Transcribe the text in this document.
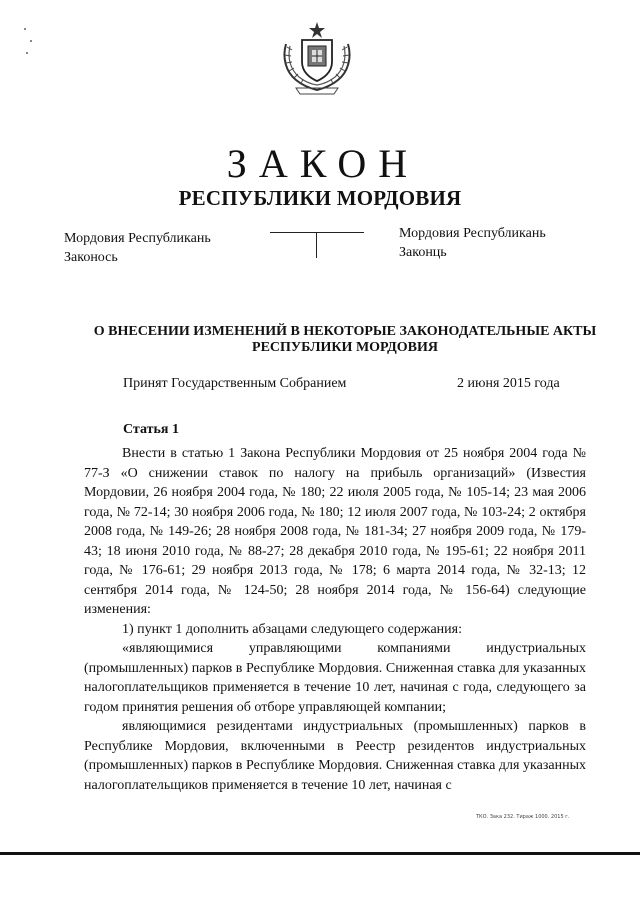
ЗАКОН
РЕСПУБЛИКИ МОРДОВИЯ
Мордовия Республикань
Законось
Мордовия Республикань
Законць
О ВНЕСЕНИИ ИЗМЕНЕНИЙ В НЕКОТОРЫЕ ЗАКОНОДАТЕЛЬНЫЕ АКТЫ
РЕСПУБЛИКИ МОРДОВИЯ
Принят Государственным Собранием	2 июня 2015 года
Статья 1

Внести в статью 1 Закона Республики Мордовия от 25 ноября 2004 года № 77-З «О снижении ставок по налогу на прибыль организаций» (Известия Мордовии, 26 ноября 2004 года, № 180; 22 июля 2005 года, № 105-14; 23 мая 2006 года, № 72-14; 30 ноября 2006 года, № 180; 12 июля 2007 года, № 103-24; 2 октября 2008 года, № 149-26; 28 ноября 2008 года, № 181-34; 27 ноября 2009 года, № 179-43; 18 июня 2010 года, № 88-27; 28 декабря 2010 года, № 195-61; 22 ноября 2011 года, № 176-61; 29 ноября 2013 года, № 178; 6 марта 2014 года, № 32-13; 12 сентября 2014 года, № 124-50; 28 ноября 2014 года, № 156-64) следующие изменения:

1) пункт 1 дополнить абзацами следующего содержания:

«являющимися управляющими компаниями индустриальных (промышленных) парков в Республике Мордовия. Сниженная ставка для указанных налогоплательщиков применяется в течение 10 лет, начиная с года, следующего за годом принятия решения об отборе управляющей компании;

являющимися резидентами индустриальных (промышленных) парков в Республике Мордовия, включенными в Реестр резидентов индустриальных (промышленных) парков в Республике Мордовия. Сниженная ставка для указанных налогоплательщиков применяется в течение 10 лет, начиная с

ТКО. Зака 232. Тираж 1000. 2015 г.
